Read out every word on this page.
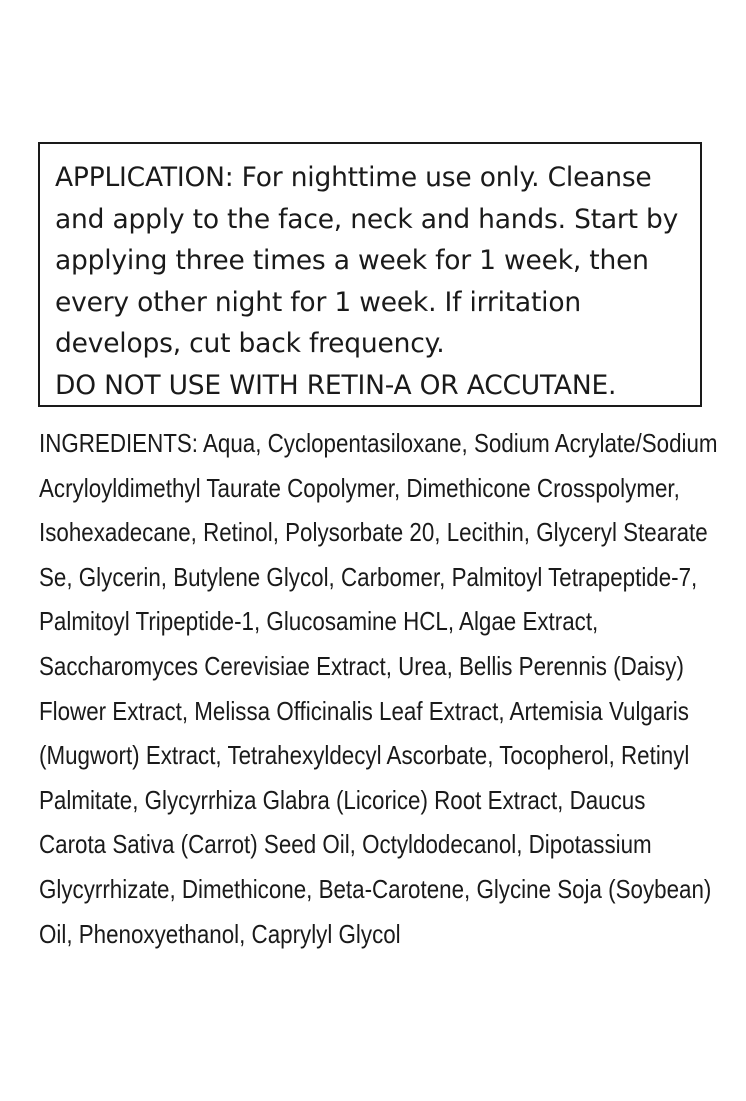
APPLICATION: For nighttime use only. Cleanse
and apply to the face, neck and hands. Start by
applying three times a week for 1 week, then
every other night for 1 week. If irritation
develops, cut back frequency.
DO NOT USE WITH RETIN-A OR ACCUTANE.
INGREDIENTS: Aqua, Cyclopentasiloxane, Sodium Acrylate/Sodium
Acryloyldimethyl Taurate Copolymer, Dimethicone Crosspolymer,
Isohexadecane, Retinol, Polysorbate 20, Lecithin, Glyceryl Stearate
Se, Glycerin, Butylene Glycol, Carbomer, Palmitoyl Tetrapeptide-7,
Palmitoyl Tripeptide-1, Glucosamine HCL, Algae Extract,
Saccharomyces Cerevisiae Extract, Urea, Bellis Perennis (Daisy)
Flower Extract, Melissa Officinalis Leaf Extract, Artemisia Vulgaris
(Mugwort) Extract, Tetrahexyldecyl Ascorbate, Tocopherol, Retinyl
Palmitate, Glycyrrhiza Glabra (Licorice) Root Extract, Daucus
Carota Sativa (Carrot) Seed Oil, Octyldodecanol, Dipotassium
Glycyrrhizate, Dimethicone, Beta-Carotene, Glycine Soja (Soybean)
Oil, Phenoxyethanol, Caprylyl Glycol
